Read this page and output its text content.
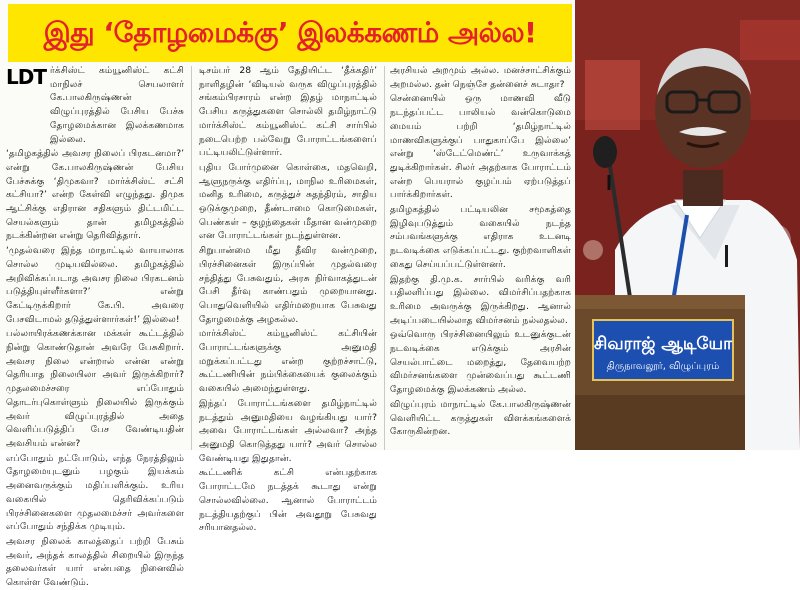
இது ‘தோழமைக்கு’ இலக்கணம் அல்ல!
LDT ர்க்சிஸ்ட் கம்யூனிஸ்ட் கட்சி மாநிலச் செயலாளர் கே.பாலகிருஷ்ணன் விழுப்புரத்தில் பேசிய பேச்சு தோழமைக்கான இலக்கணமாக இல்லை.

‘தமிழகத்தில் அவசர நிலைப் பிரகடனமா?’ என்று கே.பாலகிருஷ்ணன் பேசிய பேச்சுக்கு ‘திமுகவா? மார்க்சிஸ்ட் சட்சி கட்சியா?’ என்ற கேள்வி எழுந்தது. திமுக ஆட்சிக்கு எதிரான சதிகளும் திட்டமிட்ட செயல்களும் தான் தமிழகத்தில் நடக்கின்றன என்று தெரிவித்தார்.

‘முதல்வரை இந்த மாநாட்டில் வாயாலாக சொல்ல முடியவில்லை. தமிழகத்தில் அறிவிக்கப்படாத அவசர நிலை பிரகடனம் படுத்தியுள்ளீர்களா?’ என்று கேட்டிருக்கிறார் கே.பி. அவரை பேசவிடாமல் தடுத்துள்ளார்கள்!’ இல்லை!

பல்லாயிரக்கணக்கான மக்கள் கூட்டத்தில் நின்று கொண்டுதான் அவரே பேசுகிறார். அவசர நிலை என்றால் என்ன என்று தெரியாத நிலையிலா அவர் இருக்கிறார்? முதலமைச்சரை எப்போதும் தொடர்புகொள்ளும் நிலையில் இருக்கும் அவர் விழுப்புரத்தில் அதை வெளிப்படுத்திப் பேச வேண்டியதின் அவசியம் என்ன?

எப்போதும் நட்போடும், எந்த நேரத்திலும் தோழமையுடனும் பழகும் இயக்கம் அனைவருக்கும் மதிப்பளிக்கும். உரிய வகையில் தெரிவிக்கப்படும் பிரச்சினைகளை முதலமைச்சர் அவர்களை எப்போதும் சந்திக்க முடியும்.

அவசர நிலைக் காலத்தைப் பற்றி பேசும் அவர், அந்தக் காலத்தில் சிறையில் இருந்த தலைவர்கள் யார் என்பதை நினைவில் கொள்ள வேண்டும்.

டிசம்பர் 28 ஆம் தேதியிட்ட ‘தீக்கதிர்’ நாளிதழின் ‘விடியல் வருக விழுப்புரத்தில் சங்கம்பிரசாரம் என்ற இதழ் மாநாட்டில் பேசிய கருத்துகளை சொல்லி தமிழ்நாட்டு மார்க்சிஸ்ட் கம்யூனிஸ்ட் கட்சி சார்பில் நடைபெற்ற பல்வேறு போராட்டங்களைப் பட்டியலிட்டுள்ளார்.

புதிய போர்முனை கொள்கை, மதவெறி, ஆளுநருக்கு எதிர்ப்பு, மாநில உரிமைகள், மனித உரிமை, கருத்துச் சுதந்திரம், சாதிய ஒடுக்குமுறை, தீண்டாமை கொடுமைகள், பெண்கள் – குழந்தைகள் மீதான வன்முறை என போராட்டங்கள் நடந்துள்ளன.

சிறுபான்மை மீது தீவிர வன்முறை, பிரச்சினைகள் இருப்பின் முதல்வரை சந்தித்து பேசுவதும், அரசு நிர்வாகத்துடன் பேசி தீர்வு காண்பதும் முறையானது. பொதுவெளியில் எதிர்மறையாக பேசுவது தோழமைக்கு அழகல்ல.

மார்க்சிஸ்ட் கம்யூனிஸ்ட் கட்சியின் போராட்டங்களுக்கு அனுமதி மறுக்கப்பட்டது என்ற குற்றச்சாட்டு, கூட்டணியின் நம்பிக்கையைக் குலைக்கும் வகையில் அமைந்துள்ளது.

இந்தப் போராட்டங்களை தமிழ்நாட்டில் நடத்தும் அனுமதியை வழங்கியது யார்? அவை போராட்டங்கள் அல்லவா? அந்த அனுமதி கொடுத்தது யார்? அவர் சொல்ல வேண்டியது இதுதான்.

கூட்டணிக் கட்சி என்பதற்காக போராட்டமே நடத்தக் கூடாது என்று சொல்லவில்லை. ஆனால் போராட்டம் நடத்தியதற்குப் பின் அவதூறு பேசுவது சரியானதல்ல.

அரசியல் அறமும் அல்ல. மனச்சாட்சிக்கும் அறமல்ல. தன் நெஞ்சே தன்னைச் சுடாதா?

சென்னையில் ஒரு மாணவி வீடு நடந்தப்பட்ட பாலியல் வன்கொடுமை மையம் பற்றி ‘தமிழ்நாட்டில் மாணவிகளுக்குப் பாதுகாப்பே இல்லை’ என்று ‘ஸ்டேட்மெண்ட்’ உருவாக்கத் துடிக்கிறார்கள். சிலர் அதற்காக போராட்டம் என்ற பெயரால் குழப்பம் ஏற்படுத்தப் பார்க்கிறார்கள்.

தமிழகத்தில் பட்டியலின சமூகத்தை இழிவுபடுத்தும் வகையில் நடந்த சம்பவங்களுக்கு எதிராக உடனடி நடவடிக்கை எடுக்கப்பட்டது. குற்றவாளிகள் கைது செய்யப்பட்டுள்ளனர்.

இதற்கு தி.மு.க. சார்பில் வரிக்கு வரி பதிலளிப்பது இல்லை. விமர்சிப்பதற்காக உரிமை அவருக்கு இருக்கிறது. ஆனால் அடிப்படையில்லாத விமர்சனம் நல்லதல்ல.

ஒவ்வொரு பிரச்சினையிலும் உடனுக்குடன் நடவடிக்கை எடுக்கும் அரசின் செயல்பாட்டை மறைத்து, தேவையற்ற விமர்சனங்களை முன்வைப்பது கூட்டணி தோழமைக்கு இலக்கணம் அல்ல.

விழுப்புரம் மாநாட்டில் கே.பாலகிருஷ்ணன் வெளியிட்ட கருத்துகள் விளக்கங்களைக் கோருகின்றன.

சிவராஜ் ஆடியோ
திருநாவலூர், விழுப்புரம்
